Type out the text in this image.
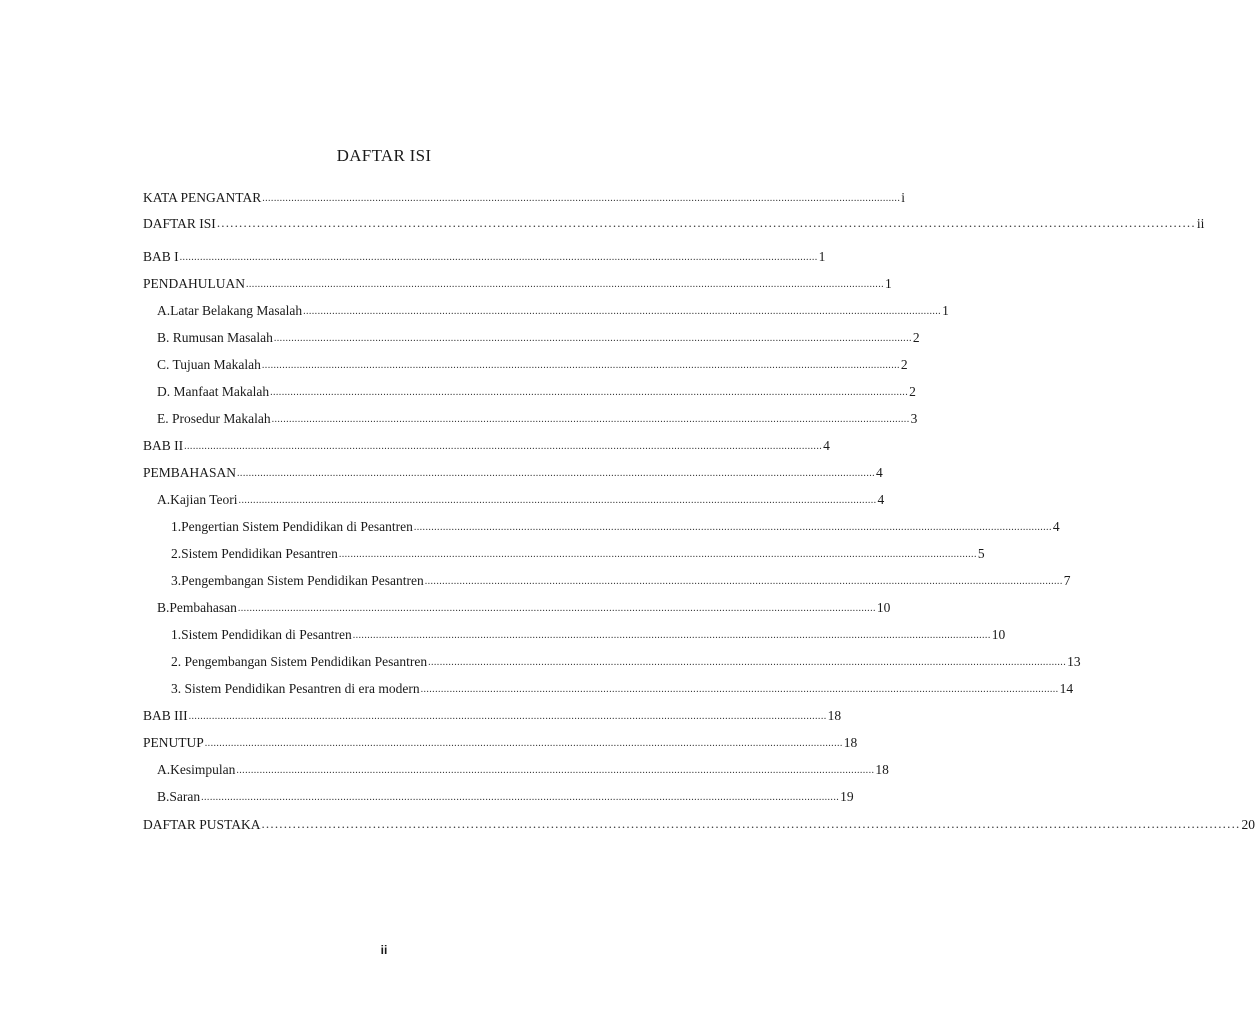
DAFTAR ISI
KATA PENGANTAR ............................................................................................................................................................................................................................ i
DAFTAR ISI ............................................................................................................................................................................................................................ ii
BAB I ............................................................................................................................................................................................................................ 1
PENDAHULUAN ............................................................................................................................................................................................................................ 1
A.Latar Belakang Masalah ............................................................................................................................................................................................................................ 1
B. Rumusan Masalah ............................................................................................................................................................................................................................ 2
C. Tujuan Makalah ............................................................................................................................................................................................................................ 2
D. Manfaat Makalah ............................................................................................................................................................................................................................ 2
E. Prosedur Makalah ............................................................................................................................................................................................................................ 3
BAB II ............................................................................................................................................................................................................................ 4
PEMBAHASAN ............................................................................................................................................................................................................................ 4
A.Kajian Teori ............................................................................................................................................................................................................................ 4
1.Pengertian Sistem Pendidikan di Pesantren ............................................................................................................................................................................................................................ 4
2.Sistem Pendidikan Pesantren ............................................................................................................................................................................................................................ 5
3.Pengembangan Sistem Pendidikan Pesantren ............................................................................................................................................................................................................................ 7
B.Pembahasan ............................................................................................................................................................................................................................ 10
1.Sistem Pendidikan di Pesantren ............................................................................................................................................................................................................................ 10
2. Pengembangan Sistem Pendidikan Pesantren ............................................................................................................................................................................................................................ 13
3. Sistem Pendidikan Pesantren di era modern ............................................................................................................................................................................................................................ 14
BAB III ............................................................................................................................................................................................................................ 18
PENUTUP ............................................................................................................................................................................................................................ 18
A.Kesimpulan ............................................................................................................................................................................................................................ 18
B.Saran ............................................................................................................................................................................................................................ 19
DAFTAR PUSTAKA ............................................................................................................................................................................................................................ 20
ii
